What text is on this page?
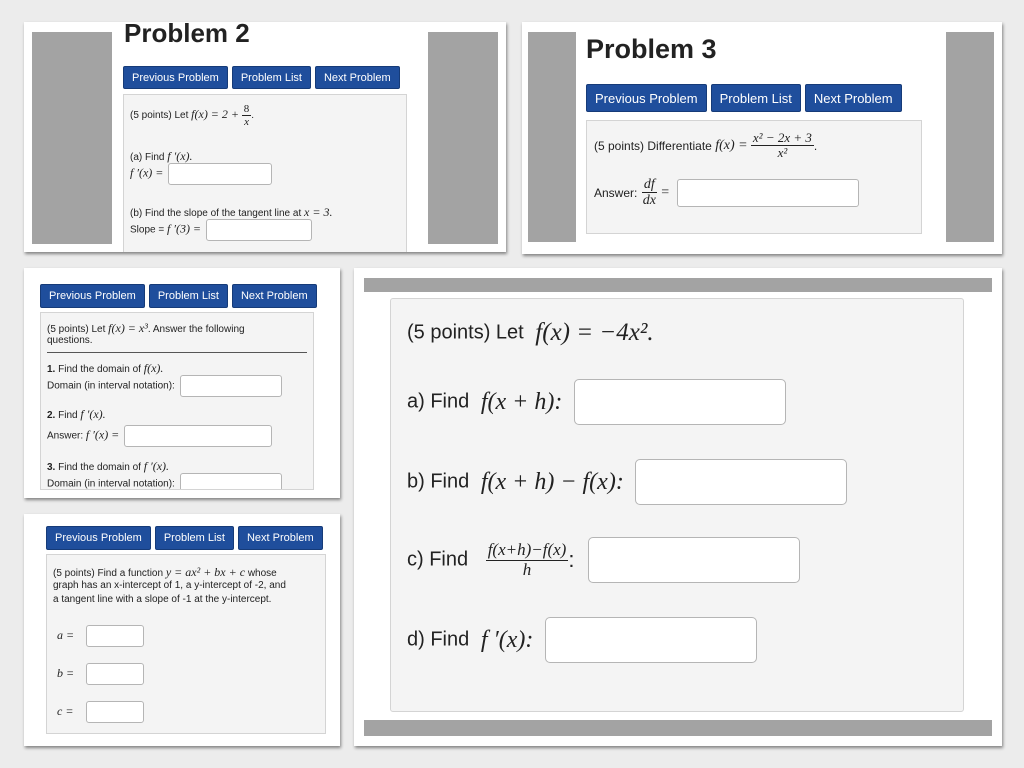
Problem 2
Previous Problem	Problem List	Next Problem
(5 points) Let $f(x) = 2 + \frac{8}{x}$ .
(a) Find f ′(x).
f ′(x) =
(b) Find the slope of the tangent line at x = 3.
Slope = f ′(3) =
Problem 3
Previous Problem	Problem List	Next Problem
(5 points) Differentiate $f(x) = \frac{\text{x² − 2x + 3}}{\text{x²}}$ .
Answer: $\frac{df}{dx}$ =
Previous Problem	Problem List	Next Problem
(5 points) Let f(x) = x³. Answer the following
questions.
1. Find the domain of f(x).
Domain (in interval notation):
2. Find f ′(x).
Answer: f ′(x) =
3. Find the domain of f ′(x).
Domain (in interval notation):
Previous Problem	Problem List	Next Problem
(5 points) Find a function y = ax² + bx + c whose
graph has an x-intercept of 1, a y-intercept of -2, and
a tangent line with a slope of -1 at the y-intercept.
a =
b =
c =
(5 points) Let f(x) = −4x².
a) Find f(x + h):
b) Find f(x + h) − f(x):
c) Find $\frac{f(x+h)-f(x)}{h}$ :
d) Find f ′(x):
